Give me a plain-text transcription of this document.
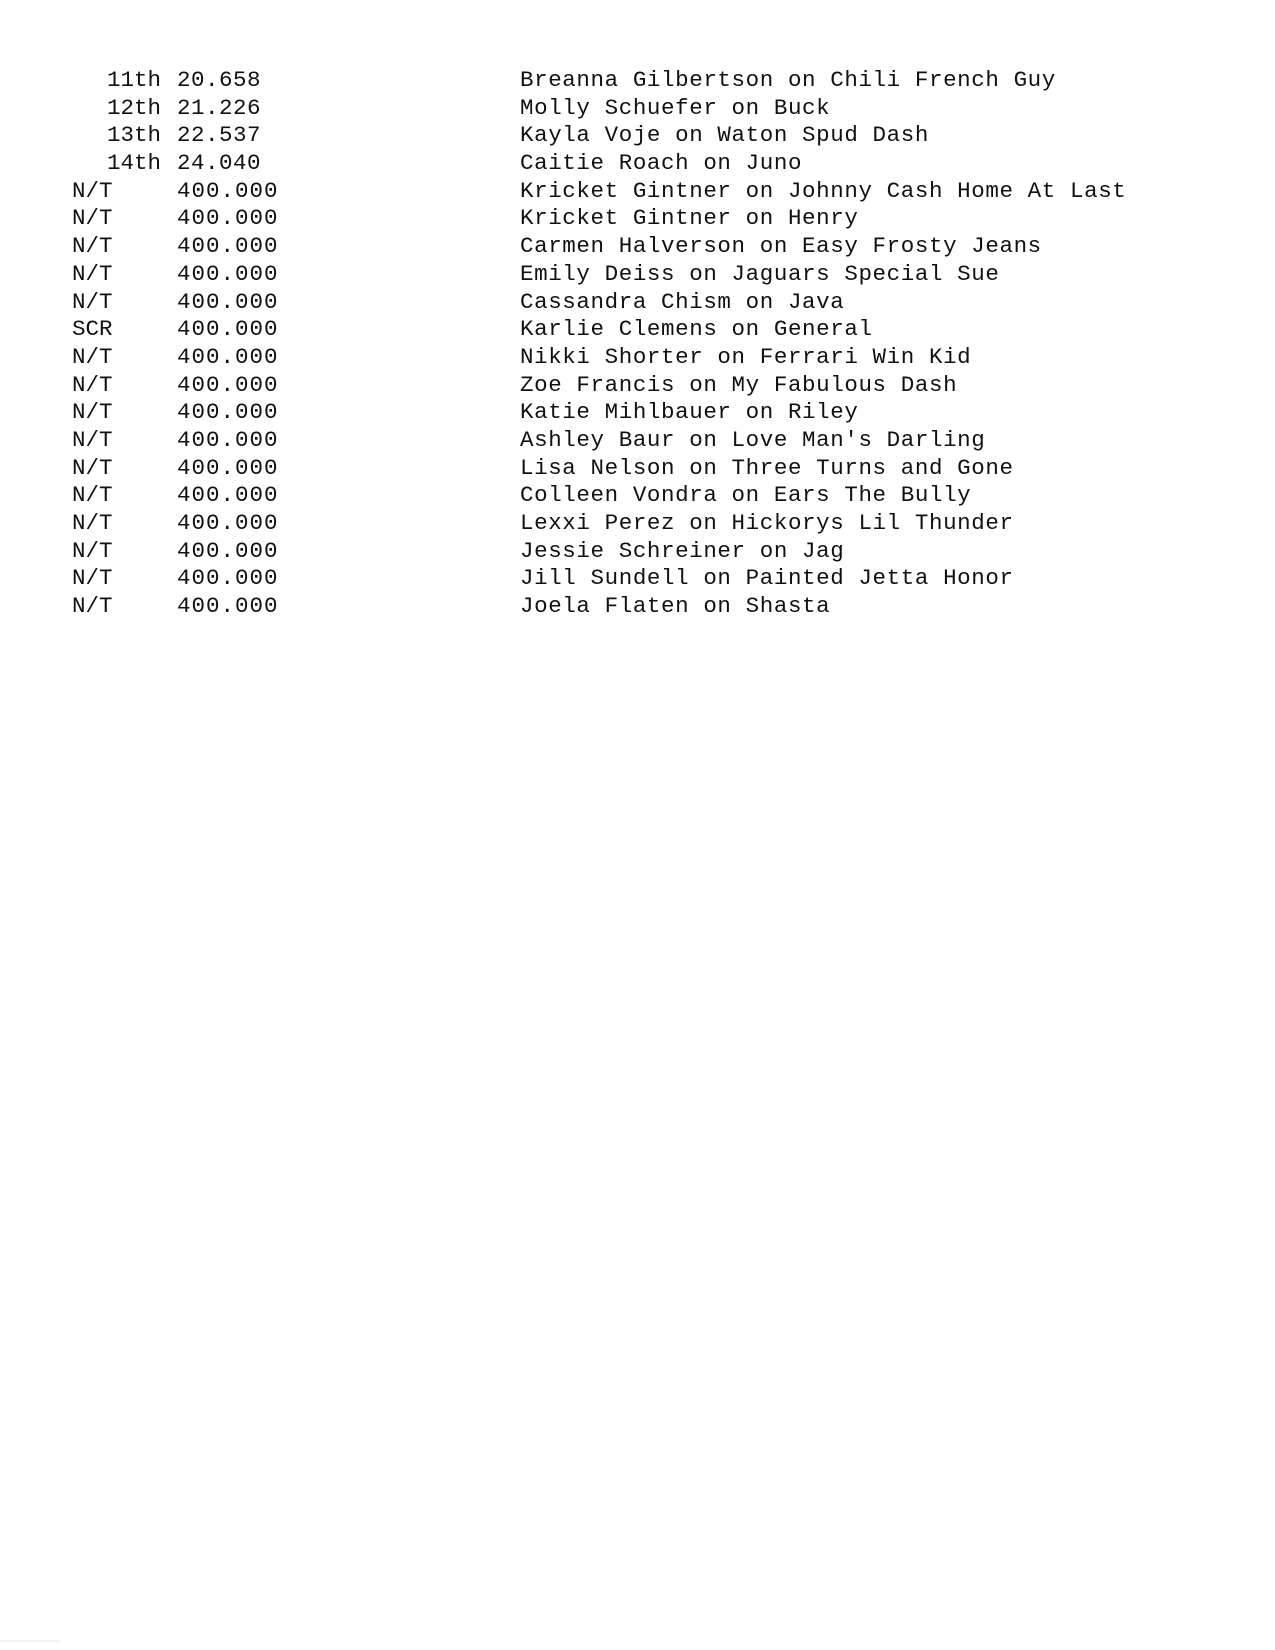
11th 20.658	Breanna Gilbertson on Chili French Guy
12th 21.226	Molly Schuefer on Buck
13th 22.537	Kayla Voje on Waton Spud Dash
14th 24.040	Caitie Roach on Juno
N/T	400.000	Kricket Gintner on Johnny Cash Home At Last
N/T	400.000	Kricket Gintner on Henry
N/T	400.000	Carmen Halverson on Easy Frosty Jeans
N/T	400.000	Emily Deiss on Jaguars Special Sue
N/T	400.000	Cassandra Chism on Java
SCR	400.000	Karlie Clemens on General
N/T	400.000	Nikki Shorter on Ferrari Win Kid
N/T	400.000	Zoe Francis on My Fabulous Dash
N/T	400.000	Katie Mihlbauer on Riley
N/T	400.000	Ashley Baur on Love Man's Darling
N/T	400.000	Lisa Nelson on Three Turns and Gone
N/T	400.000	Colleen Vondra on Ears The Bully
N/T	400.000	Lexxi Perez on Hickorys Lil Thunder
N/T	400.000	Jessie Schreiner on Jag
N/T	400.000	Jill Sundell on Painted Jetta Honor
N/T	400.000	Joela Flaten on Shasta
